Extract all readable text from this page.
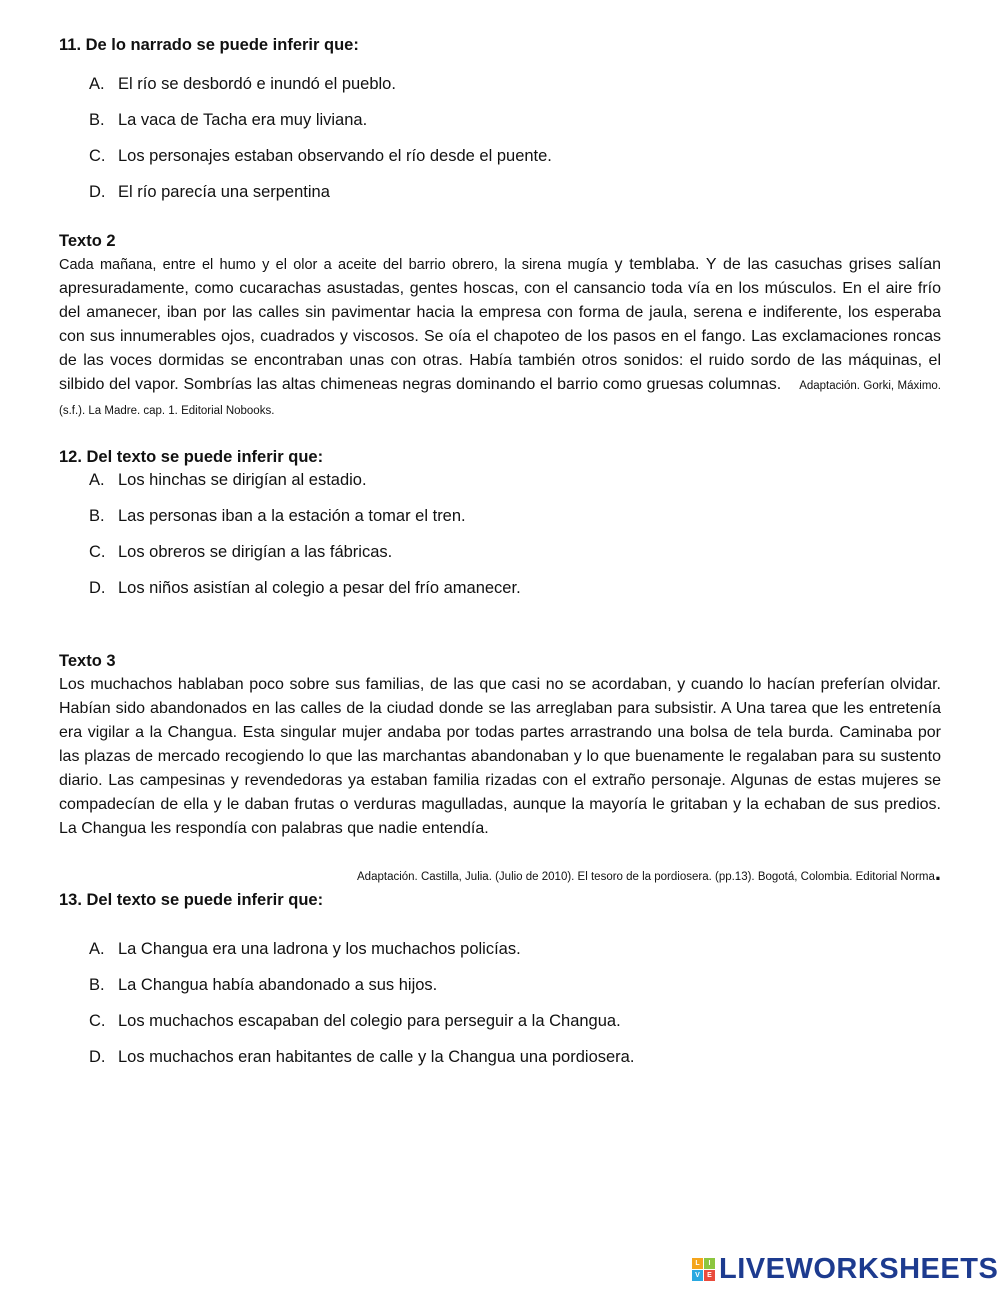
11. De lo narrado se puede inferir que:
A. El río se desbordó e inundó el pueblo.
B. La vaca de Tacha era muy liviana.
C. Los personajes estaban observando el río desde el puente.
D. El río parecía una serpentina
Texto 2
Cada mañana, entre el humo y el olor a aceite del barrio obrero, la sirena mugía y temblaba. Y de las casuchas grises salían apresuradamente, como cucarachas asustadas, gentes hoscas, con el cansancio toda vía en los músculos. En el aire frío del amanecer, iban por las calles sin pavimentar hacia la empresa con forma de jaula, serena e indiferente, los esperaba con sus innumerables ojos, cuadrados y viscosos. Se oía el chapoteo de los pasos en el fango. Las exclamaciones roncas de las voces dormidas se encontraban unas con otras. Había también otros sonidos: el ruido sordo de las máquinas, el silbido del vapor. Sombrías las altas chimeneas negras dominando el barrio como gruesas columnas. Adaptación. Gorki, Máximo. (s.f.). La Madre. cap. 1. Editorial Nobooks.
12. Del texto se puede inferir que:
A. Los hinchas se dirigían al estadio.
B. Las personas iban a la estación a tomar el tren.
C. Los obreros se dirigían a las fábricas.
D. Los niños asistían al colegio a pesar del frío amanecer.
Texto 3
Los muchachos hablaban poco sobre sus familias, de las que casi no se acordaban, y cuando lo hacían preferían olvidar. Habían sido abandonados en las calles de la ciudad donde se las arreglaban para subsistir. A Una tarea que les entretenía era vigilar a la Changua. Esta singular mujer andaba por todas partes arrastrando una bolsa de tela burda. Caminaba por las plazas de mercado recogiendo lo que las marchantas abandonaban y lo que buenamente le regalaban para su sustento diario. Las campesinas y revendedoras ya estaban familia rizadas con el extraño personaje. Algunas de estas mujeres se compadecían de ella y le daban frutas o verduras magulladas, aunque la mayoría le gritaban y la echaban de sus predios. La Changua les respondía con palabras que nadie entendía.
Adaptación. Castilla, Julia. (Julio de 2010). El tesoro de la pordiosera. (pp.13). Bogotá, Colombia. Editorial Norma.
13. Del texto se puede inferir que:
A. La Changua era una ladrona y los muchachos policías.
B. La Changua había abandonado a sus hijos.
C. Los muchachos escapaban del colegio para perseguir a la Changua.
D. Los muchachos eran habitantes de calle y la Changua una pordiosera.
L	I
V	E LIVEWORKSHEETS
